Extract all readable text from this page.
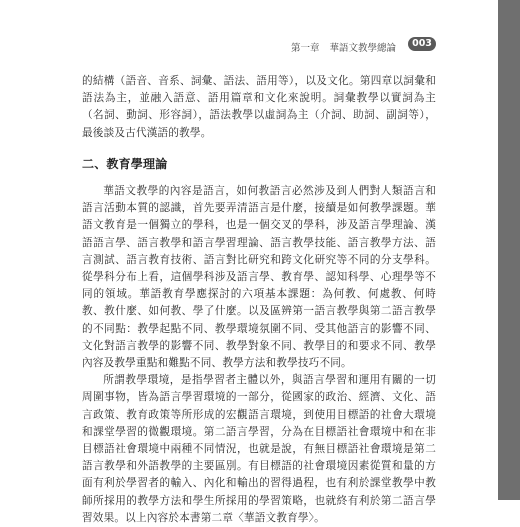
第一章 華語文教學總論	003

的結構（語音、音系、詞彙、語法、語用等），以及文化。第四章以詞彙和語法為主，並融入語意、語用篇章和文化來說明。詞彙教學以實詞為主（名詞、動詞、形容詞），語法教學以虛詞為主（介詞、助詞、副詞等），最後談及古代漢語的教學。

二、教育學理論

華語文教學的內容是語言，如何教語言必然涉及到人們對人類語言和語言活動本質的認識，首先要弄清語言是什麼，接續是如何教學課題。華語文教育是一個獨立的學科，也是一個交叉的學科，涉及語言學理論、漢語語言學、語言教學和語言學習理論、語言教學技能、語言教學方法、語言測試、語言教育技術、語言對比研究和跨文化研究等不同的分支學科。從學科分布上看，這個學科涉及語言學、教育學、認知科學、心理學等不同的領域。華語教育學應探討的六項基本課題：為何教、何處教、何時教、教什麼、如何教、學了什麼。以及區辨第一語言教學與第二語言教學的不同點：教學起點不同、教學環境氛圍不同、受其他語言的影響不同、文化對語言教學的影響不同、教學對象不同、教學目的和要求不同、教學內容及教學重點和難點不同、教學方法和教學技巧不同。

所謂教學環境，是指學習者主體以外，與語言學習和運用有關的一切周圍事物，皆為語言學習環境的一部分，從國家的政治、經濟、文化、語言政策、教育政策等所形成的宏觀語言環境，到使用目標語的社會大環境和課堂學習的微觀環境。第二語言學習，分為在目標語社會環境中和在非目標語社會環境中兩種不同情況，也就是說，有無目標語社會環境是第二語言教學和外語教學的主要區別。有目標語的社會環境因素從質和量的方面有利於學習者的輸入、內化和輸出的習得過程，也有利於課堂教學中教師所採用的教學方法和學生所採用的學習策略，也就終有利於第二語言學習效果。以上內容於本書第二章〈華語文教育學〉。
